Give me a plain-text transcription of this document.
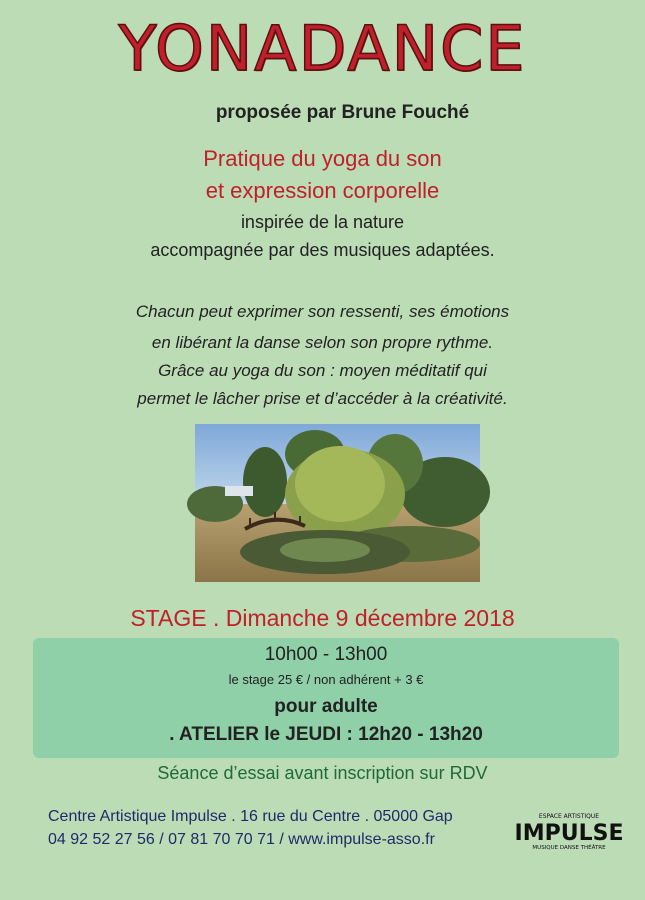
YONADANCE
proposée par Brune Fouché
Pratique du yoga du son
et expression corporelle
inspirée de la nature
accompagnée par des musiques adaptées.
Chacun peut exprimer son ressenti, ses émotions
en libérant la danse selon son propre rythme.
Grâce au yoga du son : moyen méditatif qui
permet le lâcher prise et d’accéder à la créativité.
STAGE . Dimanche 9 décembre 2018
10h00 - 13h00
le stage 25 € / non adhérent + 3 €
pour adulte
. ATELIER le JEUDI : 12h20 - 13h20
Séance d’essai avant inscription sur RDV
Centre Artistique Impulse . 16 rue du Centre . 05000 Gap
04 92 52 27 56 / 07 81 70 70 71 / www.impulse-asso.fr
ESPACE ARTISTIQUE
IMPULSE
MUSIQUE DANSE THÉÂTRE
